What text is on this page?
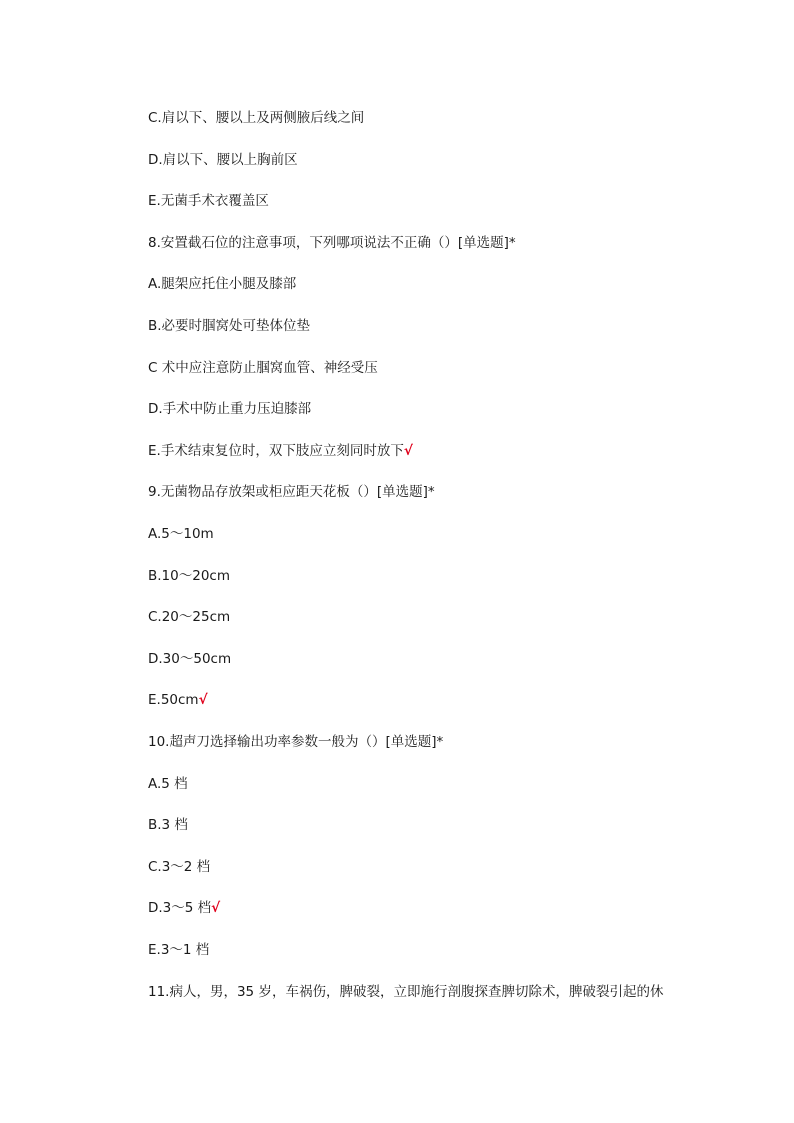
C.肩以下、腰以上及两侧腋后线之间
D.肩以下、腰以上胸前区
E.无菌手术衣覆盖区
8.安置截石位的注意事项，下列哪项说法不正确（）[单选题]*
A.腿架应托住小腿及膝部
B.必要时腘窝处可垫体位垫
C 术中应注意防止腘窝血管、神经受压
D.手术中防止重力压迫膝部
E.手术结束复位时，双下肢应立刻同时放下√
9.无菌物品存放架或柜应距天花板（）[单选题]*
A.5～10m
B.10～20cm
C.20～25cm
D.30～50cm
E.50cm√
10.超声刀选择输出功率参数一般为（）[单选题]*
A.5 档
B.3 档
C.3～2 档
D.3～5 档√
E.3～1 档
11.病人，男，35 岁，车祸伤，脾破裂，立即施行剖腹探查脾切除术，脾破裂引起的休
